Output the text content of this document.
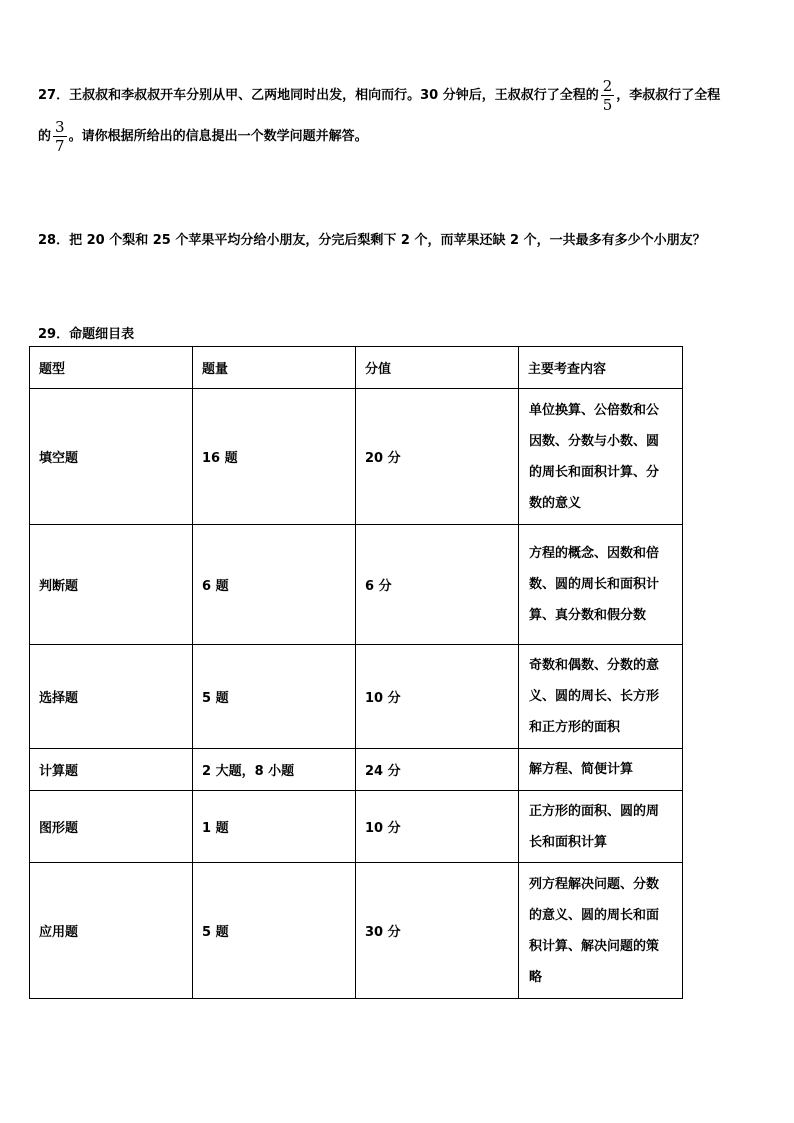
27．王叔叔和李叔叔开车分别从甲、乙两地同时出发，相向而行。30 分钟后，王叔叔行了全程的 $\frac{2}{5}$ ，李叔叔行了全程
的 $\frac{3}{7}$ 。请你根据所给出的信息提出一个数学问题并解答。
28．把 20 个梨和 25 个苹果平均分给小朋友，分完后梨剩下 2 个，而苹果还缺 2 个，一共最多有多少个小朋友？
29．命题细目表
题型	题量	分值	主要考查内容
填空题	16 题	20 分	单位换算、公倍数和公
因数、分数与小数、圆
的周长和面积计算、分
数的意义

判断题	6 题	6 分	方程的概念、因数和倍
数、圆的周长和面积计
算、真分数和假分数

选择题	5 题	10 分	奇数和偶数、分数的意
义、圆的周长、长方形
和正方形的面积

计算题	2 大题，8 小题	24 分	解方程、简便计算

图形题	1 题	10 分	正方形的面积、圆的周
长和面积计算

应用题	5 题	30 分	列方程解决问题、分数
的意义、圆的周长和面
积计算、解决问题的策
略
